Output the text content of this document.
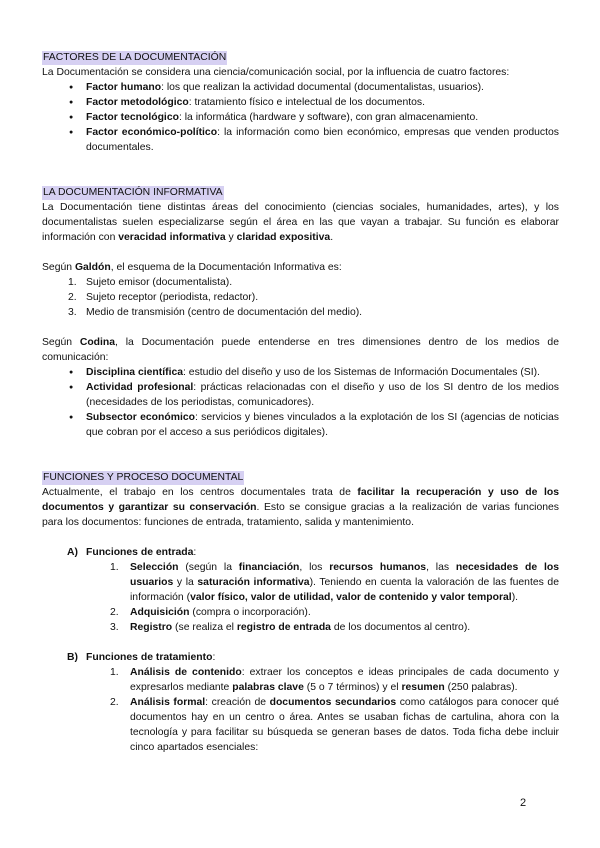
FACTORES DE LA DOCUMENTACIÓN

La Documentación se considera una ciencia/comunicación social, por la influencia de cuatro factores:

● Factor humano: los que realizan la actividad documental (documentalistas, usuarios).
● Factor metodológico: tratamiento físico e intelectual de los documentos.
● Factor tecnológico: la informática (hardware y software), con gran almacenamiento.
● Factor económico-político: la información como bien económico, empresas que venden productos documentales.
LA DOCUMENTACIÓN INFORMATIVA

La Documentación tiene distintas áreas del conocimiento (ciencias sociales, humanidades, artes), y los documentalistas suelen especializarse según el área en las que vayan a trabajar. Su función es elaborar información con veracidad informativa y claridad expositiva.

Según Galdón, el esquema de la Documentación Informativa es:

1. Sujeto emisor (documentalista).
2. Sujeto receptor (periodista, redactor).
3. Medio de transmisión (centro de documentación del medio).

Según Codina, la Documentación puede entenderse en tres dimensiones dentro de los medios de comunicación:

● Disciplina científica: estudio del diseño y uso de los Sistemas de Información Documentales (SI).
● Actividad profesional: prácticas relacionadas con el diseño y uso de los SI dentro de los medios (necesidades de los periodistas, comunicadores).
● Subsector económico: servicios y bienes vinculados a la explotación de los SI (agencias de noticias que cobran por el acceso a sus periódicos digitales).
FUNCIONES Y PROCESO DOCUMENTAL

Actualmente, el trabajo en los centros documentales trata de facilitar la recuperación y uso de los documentos y garantizar su conservación. Esto se consigue gracias a la realización de varias funciones para los documentos: funciones de entrada, tratamiento, salida y mantenimiento.

A) Funciones de entrada:
1. Selección (según la financiación, los recursos humanos, las necesidades de los usuarios y la saturación informativa). Teniendo en cuenta la valoración de las fuentes de información (valor físico, valor de utilidad, valor de contenido y valor temporal).
2. Adquisición (compra o incorporación).
3. Registro (se realiza el registro de entrada de los documentos al centro).
B) Funciones de tratamiento:
1. Análisis de contenido: extraer los conceptos e ideas principales de cada documento y expresarlos mediante palabras clave (5 o 7 términos) y el resumen (250 palabras).
2. Análisis formal: creación de documentos secundarios como catálogos para conocer qué documentos hay en un centro o área. Antes se usaban fichas de cartulina, ahora con la tecnología y para facilitar su búsqueda se generan bases de datos. Toda ficha debe incluir cinco apartados esenciales:
2
